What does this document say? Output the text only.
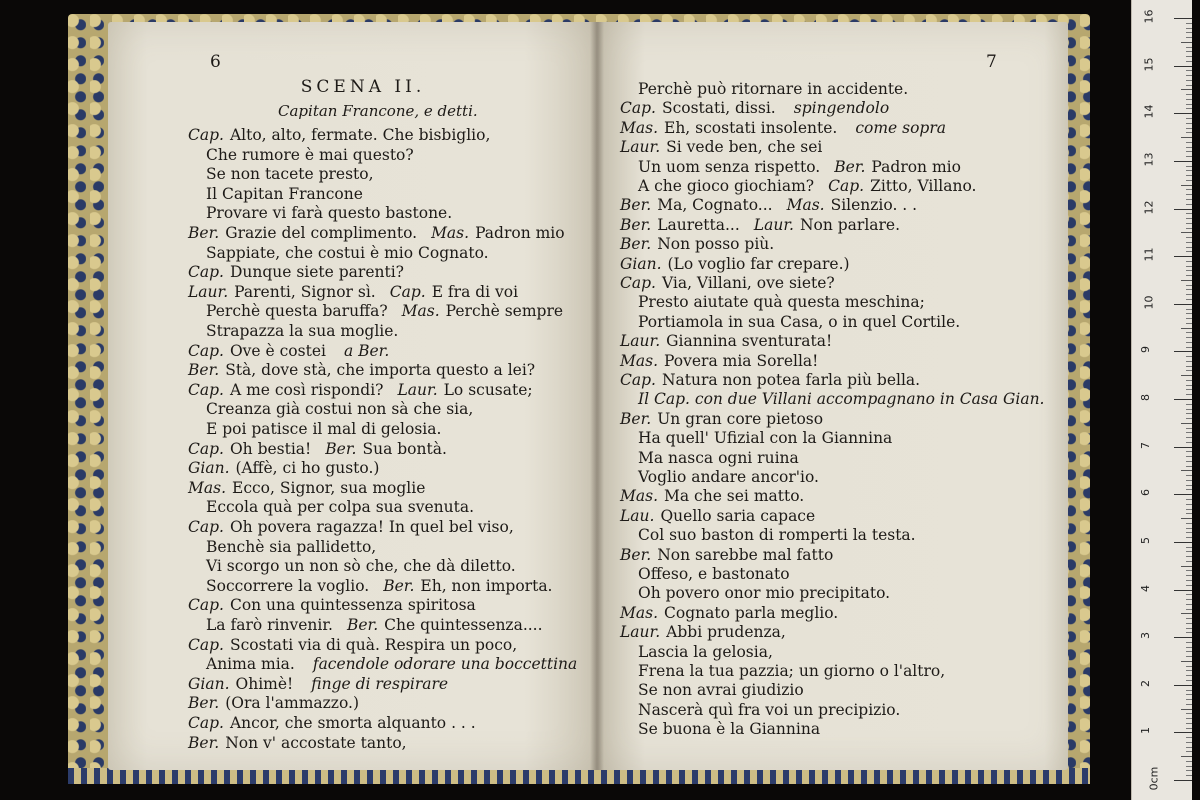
6
SCENA II.
Capitan Francone, e detti.
Cap. Alto, alto, fermate. Che bisbiglio,
Che rumore è mai questo?
Se non tacete presto,
Il Capitan Francone
Provare vi farà questo bastone.
Ber. Grazie del complimento. Mas. Padron mio
Sappiate, che costui è mio Cognato.
Cap. Dunque siete parenti?
Laur. Parenti, Signor sì. Cap. E fra di voi
Perchè questa baruffa? Mas. Perchè sempre
Strapazza la sua moglie.
Cap. Ove è costei a Ber.
Ber. Stà, dove stà, che importa questo a lei?
Cap. A me così rispondi? Laur. Lo scusate;
Creanza già costui non sà che sia,
E poi patisce il mal di gelosia.
Cap. Oh bestia! Ber. Sua bontà.
Gian. (Affè, ci ho gusto.)
Mas. Ecco, Signor, sua moglie
Eccola quà per colpa sua svenuta.
Cap. Oh povera ragazza! In quel bel viso,
Benchè sia pallidetto,
Vi scorgo un non sò che, che dà diletto.
Soccorrere la voglio. Ber. Eh, non importa.
Cap. Con una quintessenza spiritosa
La farò rinvenir. Ber. Che quintessenza....
Cap. Scostati via di quà. Respira un poco,
Anima mia. facendole odorare una boccettina
Gian. Ohimè! finge di respirare
Ber. (Ora l'ammazzo.)
Cap. Ancor, che smorta alquanto . . .
Ber. Non v' accostate tanto,
7
Perchè può ritornare in accidente.
Cap. Scostati, dissi. spingendolo
Mas. Eh, scostati insolente. come sopra
Laur. Si vede ben, che sei
Un uom senza rispetto. Ber. Padron mio
A che gioco giochiam? Cap. Zitto, Villano.
Ber. Ma, Cognato... Mas. Silenzio. . .
Ber. Lauretta... Laur. Non parlare.
Ber. Non posso più.
Gian. (Lo voglio far crepare.)
Cap. Via, Villani, ove siete?
Presto aiutate quà questa meschina;
Portiamola in sua Casa, o in quel Cortile.
Laur. Giannina sventurata!
Mas. Povera mia Sorella!
Cap. Natura non potea farla più bella.
Il Cap. con due Villani accompagnano in Casa Gian.
Ber. Un gran core pietoso
Ha quell' Ufizial con la Giannina
Ma nasca ogni ruina
Voglio andare ancor'io.
Mas. Ma che sei matto.
Lau. Quello saria capace
Col suo baston di romperti la testa.
Ber. Non sarebbe mal fatto
Offeso, e bastonato
Oh povero onor mio precipitato.
Mas. Cognato parla meglio.
Laur. Abbi prudenza,
Lascia la gelosia,
Frena la tua pazzia; un giorno o l'altro,
Se non avrai giudizio
Nascerà quì fra voi un precipizio.
Se buona è la Giannina
0cm
1
2
3
4
5
6
7
8
9
10
11
12
13
14
15
16
